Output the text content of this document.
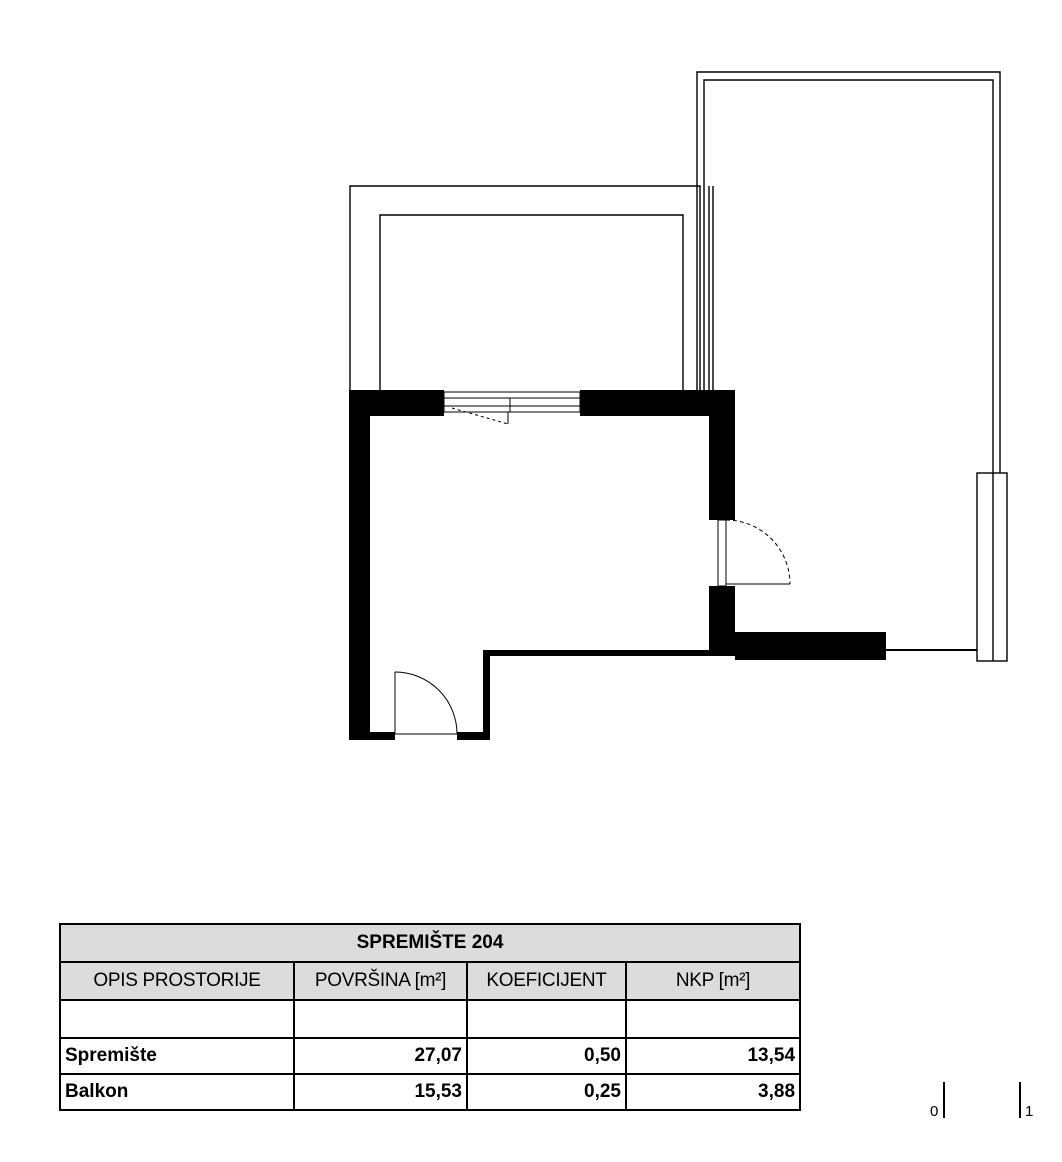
SPREMIŠTE 204			
OPIS PROSTORIJE	POVRŠINA [m²]	KOEFICIJENT	NKP [m²]

Spremište	27,07	0,50	13,54
Balkon	15,53	0,25	3,88
0	1
